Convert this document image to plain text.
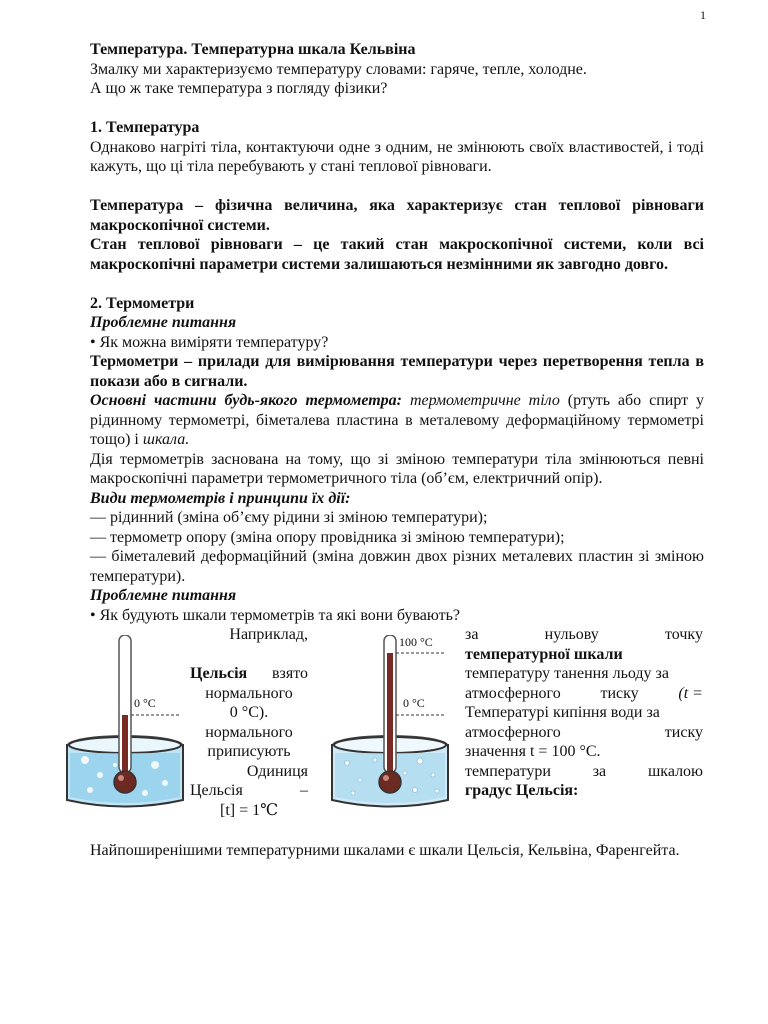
1

Температура. Температурна шкала Кельвіна

Змалку ми характеризуємо температуру словами: гаряче, тепле, холодне.

А що ж таке температура з погляду фізики?

1. Температура

Однаково нагріті тіла, контактуючи одне з одним, не змінюють своїх властивостей, і тоді кажуть, що ці тіла перебувають у стані теплової рівноваги.

Температура – фізична величина, яка характеризує стан теплової рівноваги макроскопічної системи.

Стан теплової рівноваги – це такий стан макроскопічної системи, коли всі макроскопічні параметри системи залишаються незмінними як завгодно довго.

2. Термометри

Проблемне питання

• Як можна виміряти температуру?

Термометри – прилади для вимірювання температури через перетворення тепла в покази або в сигнали.

Основні частини будь-якого термометра: термометричне тіло (ртуть або спирт у рідинному термометрі, біметалева пластина в металевому деформаційному термометрі тощо) і шкала.

Дія термометрів заснована на тому, що зі зміною температури тіла змінюються певні макроскопічні параметри термометричного тіла (об’єм, електричний опір).

Види термометрів і принципи їх дії:

— рідинний (зміна об’єму рідини зі зміною температури);

— термометр опору (зміна опору провідника зі зміною температури);

— біметалевий деформаційний (зміна довжин двох різних металевих пластин зі зміною температури).

Проблемне питання

• Як будують шкали термометрів та які вони бувають?

0 °C

Наприклад,

Цельсія взято

нормального

0 °C).

нормального

приписують

Одиниця

Цельсія	–

[t] = 1℃

100 °C
0 °C

за	нульову	точку

температурної шкали

температуру танення льоду за

атмосферного тиску (t =

Температурі кипіння води за

атмосферного	тиску

значення t = 100 °C.

температури	за	шкалою

градус Цельсія:

Найпоширенішими температурними шкалами є шкали Цельсія, Кельвіна, Фаренгейта.
